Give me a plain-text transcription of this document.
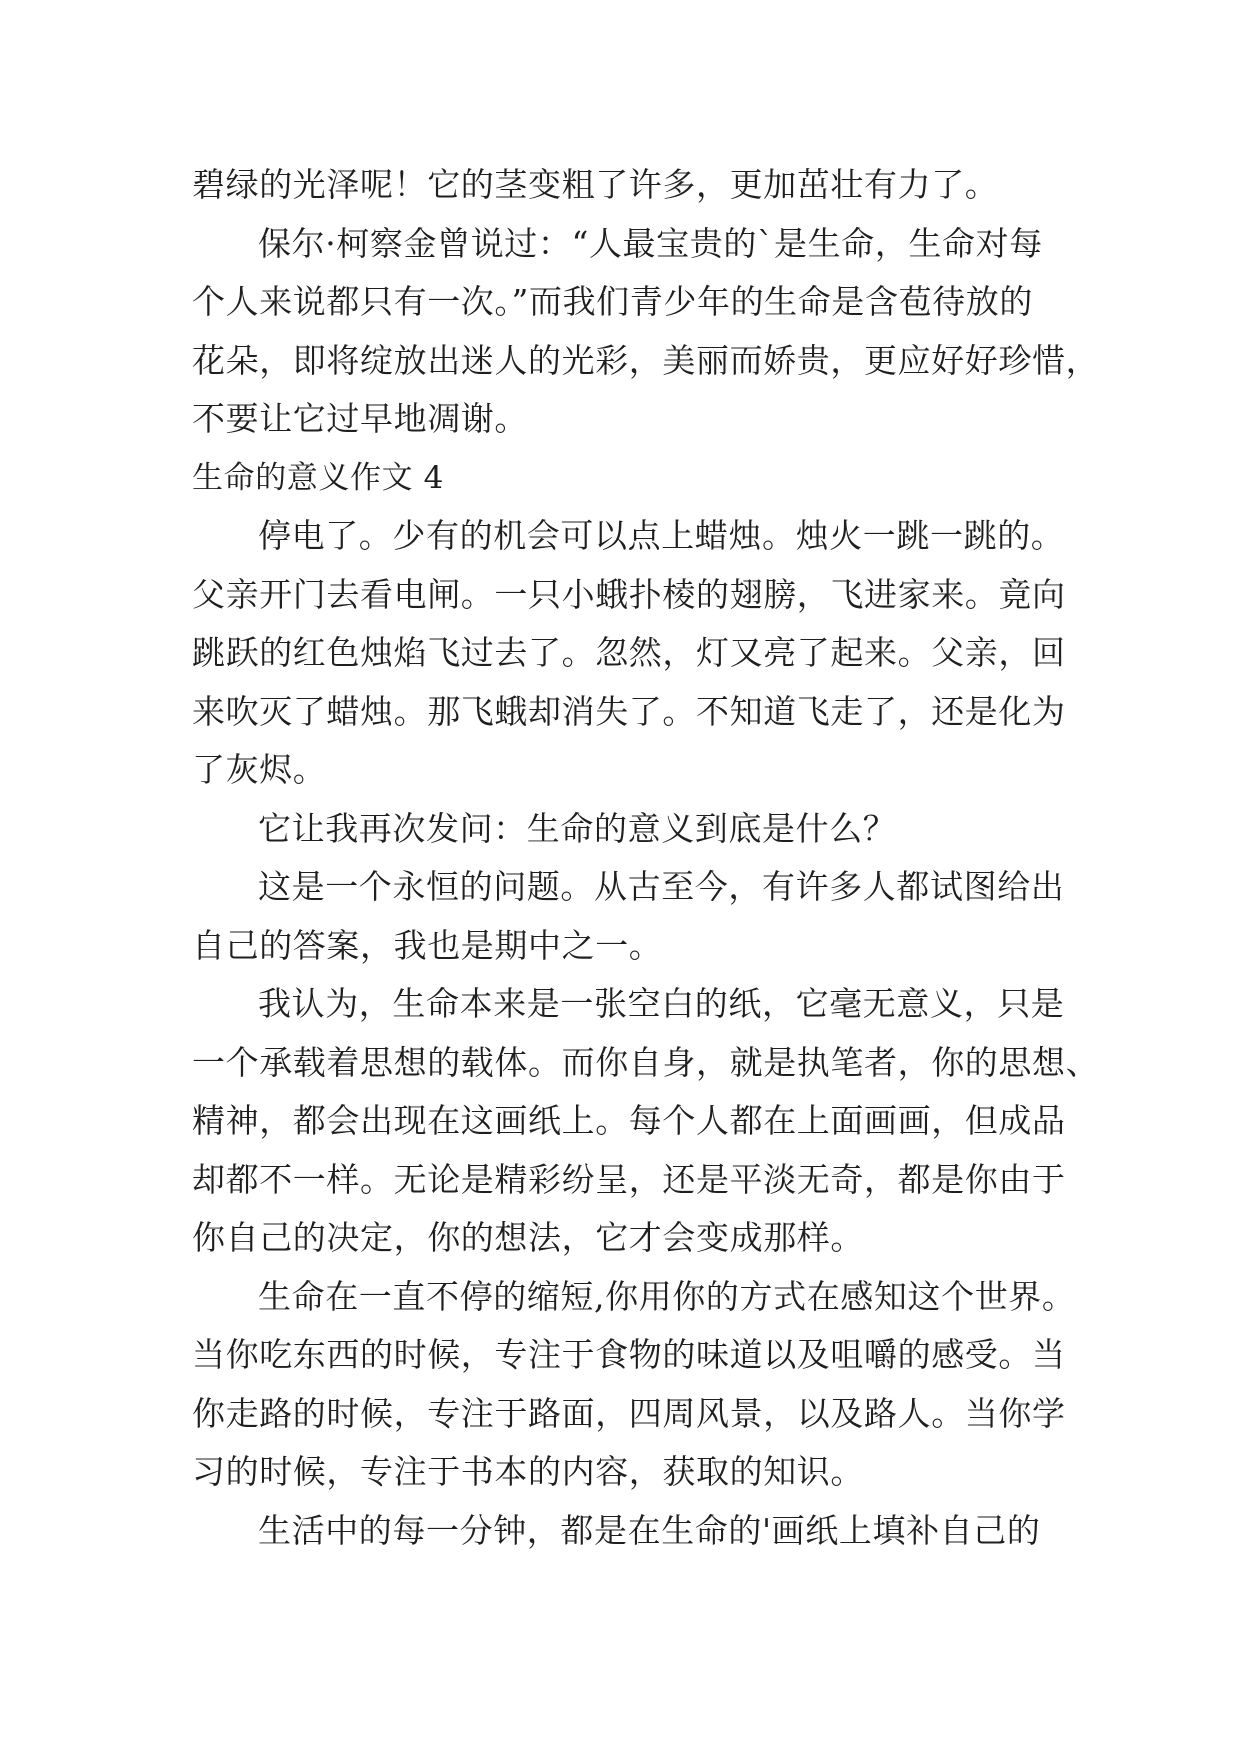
碧绿的光泽呢！它的茎变粗了许多，更加茁壮有力了。
保尔·柯察金曾说过：“人最宝贵的`是生命，生命对每
个人来说都只有一次。”而我们青少年的生命是含苞待放的
花朵，即将绽放出迷人的光彩，美丽而娇贵，更应好好珍惜，
不要让它过早地凋谢。
生命的意义作文 4
停电了。少有的机会可以点上蜡烛。烛火一跳一跳的。
父亲开门去看电闸。一只小蛾扑棱的翅膀，飞进家来。竟向
跳跃的红色烛焰飞过去了。忽然，灯又亮了起来。父亲，回
来吹灭了蜡烛。那飞蛾却消失了。不知道飞走了，还是化为
了灰烬。
它让我再次发问：生命的意义到底是什么？
这是一个永恒的问题。从古至今，有许多人都试图给出
自己的答案，我也是期中之一。
我认为，生命本来是一张空白的纸，它毫无意义，只是
一个承载着思想的载体。而你自身，就是执笔者，你的思想、
精神，都会出现在这画纸上。每个人都在上面画画，但成品
却都不一样。无论是精彩纷呈，还是平淡无奇，都是你由于
你自己的决定，你的想法，它才会变成那样。
生命在一直不停的缩短,你用你的方式在感知这个世界。
当你吃东西的时候，专注于食物的味道以及咀嚼的感受。当
你走路的时候，专注于路面，四周风景，以及路人。当你学
习的时候，专注于书本的内容，获取的知识。
生活中的每一分钟，都是在生命的'画纸上填补自己的
